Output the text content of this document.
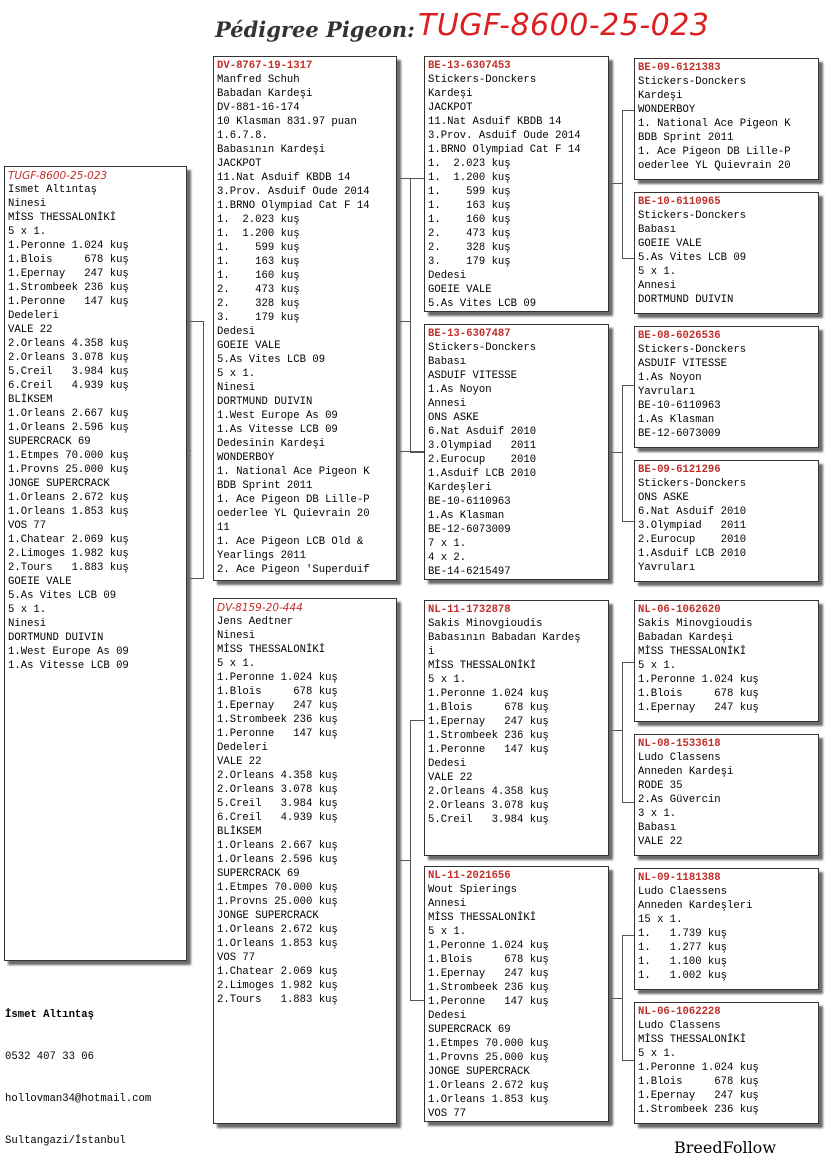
Pédigree Pigeon: TUGF-8600-25-023
TUGF-8600-25-023
Ismet Altıntaş
Ninesi
MİSS THESSALONİKİ
5 x 1.
1.Peronne 1.024 kuş
1.Blois     678 kuş
1.Epernay   247 kuş
1.Strombeek 236 kuş
1.Peronne   147 kuş
Dedeleri
VALE 22
2.Orleans 4.358 kuş
2.Orleans 3.078 kuş
5.Creil   3.984 kuş
6.Creil   4.939 kuş
BLİKSEM
1.Orleans 2.667 kuş
1.Orleans 2.596 kuş
SUPERCRACK 69
1.Etmpes 70.000 kuş
1.Provns 25.000 kuş
JONGE SUPERCRACK
1.Orleans 2.672 kuş
1.Orleans 1.853 kuş
VOS 77
1.Chatear 2.069 kuş
2.Limoges 1.982 kuş
2.Tours   1.883 kuş
GOEIE VALE
5.As Vites LCB 09
5 x 1.
Ninesi
DORTMUND DUIVIN
1.West Europe As 09
1.As Vitesse LCB 09
DV-8767-19-1317
Manfred Schuh
Babadan Kardeşi
DV-881-16-174
10 Klasman 831.97 puan
1.6.7.8.
Babasının Kardeşi
JACKPOT
11.Nat Asduif KBDB 14
3.Prov. Asduif Oude 2014
1.BRNO Olympiad Cat F 14
1.  2.023 kuş
1.  1.200 kuş
1.    599 kuş
1.    163 kuş
1.    160 kuş
2.    473 kuş
2.    328 kuş
3.    179 kuş
Dedesi
GOEIE VALE
5.As Vites LCB 09
5 x 1.
Ninesi
DORTMUND DUIVIN
1.West Europe As 09
1.As Vitesse LCB 09
Dedesinin Kardeşi
WONDERBOY
1. National Ace Pigeon K
BDB Sprint 2011
1. Ace Pigeon DB Lille-P
oederlee YL Quievrain 20
11
1. Ace Pigeon LCB Old &
Yearlings 2011
2. Ace Pigeon 'Superduif
DV-8159-20-444
Jens Aedtner
Ninesi
MİSS THESSALONİKİ
5 x 1.
1.Peronne 1.024 kuş
1.Blois     678 kuş
1.Epernay   247 kuş
1.Strombeek 236 kuş
1.Peronne   147 kuş
Dedeleri
VALE 22
2.Orleans 4.358 kuş
2.Orleans 3.078 kuş
5.Creil   3.984 kuş
6.Creil   4.939 kuş
BLİKSEM
1.Orleans 2.667 kuş
1.Orleans 2.596 kuş
SUPERCRACK 69
1.Etmpes 70.000 kuş
1.Provns 25.000 kuş
JONGE SUPERCRACK
1.Orleans 2.672 kuş
1.Orleans 1.853 kuş
VOS 77
1.Chatear 2.069 kuş
2.Limoges 1.982 kuş
2.Tours   1.883 kuş
BE-13-6307453
Stickers-Donckers
Kardeşi
JACKPOT
11.Nat Asduif KBDB 14
3.Prov. Asduif Oude 2014
1.BRNO Olympiad Cat F 14
1.  2.023 kuş
1.  1.200 kuş
1.    599 kuş
1.    163 kuş
1.    160 kuş
2.    473 kuş
2.    328 kuş
3.    179 kuş
Dedesi
GOEIE VALE
5.As Vites LCB 09
BE-13-6307487
Stickers-Donckers
Babası
ASDUIF VITESSE
1.As Noyon
Annesi
ONS ASKE
6.Nat Asduif 2010
3.Olympiad   2011
2.Eurocup    2010
1.Asduif LCB 2010
Kardeşleri
BE-10-6110963
1.As Klasman
BE-12-6073009
7 x 1.
4 x 2.
BE-14-6215497
NL-11-1732878
Sakis Minovgioudis
Babasının Babadan Kardeş
i
MİSS THESSALONİKİ
5 x 1.
1.Peronne 1.024 kuş
1.Blois     678 kuş
1.Epernay   247 kuş
1.Strombeek 236 kuş
1.Peronne   147 kuş
Dedesi
VALE 22
2.Orleans 4.358 kuş
2.Orleans 3.078 kuş
5.Creil   3.984 kuş
NL-11-2021656
Wout Spierings
Annesi
MİSS THESSALONİKİ
5 x 1.
1.Peronne 1.024 kuş
1.Blois     678 kuş
1.Epernay   247 kuş
1.Strombeek 236 kuş
1.Peronne   147 kuş
Dedesi
SUPERCRACK 69
1.Etmpes 70.000 kuş
1.Provns 25.000 kuş
JONGE SUPERCRACK
1.Orleans 2.672 kuş
1.Orleans 1.853 kuş
VOS 77
BE-09-6121383
Stickers-Donckers
Kardeşi
WONDERBOY
1. National Ace Pigeon K
BDB Sprint 2011
1. Ace Pigeon DB Lille-P
oederlee YL Quievrain 20
BE-10-6110965
Stickers-Donckers
Babası
GOEIE VALE
5.As Vites LCB 09
5 x 1.
Annesi
DORTMUND DUIVIN
BE-08-6026536
Stickers-Donckers
ASDUIF VITESSE
1.As Noyon
Yavruları
BE-10-6110963
1.As Klasman
BE-12-6073009
BE-09-6121296
Stickers-Donckers
ONS ASKE
6.Nat Asduif 2010
3.Olympiad   2011
2.Eurocup    2010
1.Asduif LCB 2010
Yavruları
NL-06-1062620
Sakis Minovgioudis
Babadan Kardeşi
MİSS THESSALONİKİ
5 x 1.
1.Peronne 1.024 kuş
1.Blois     678 kuş
1.Epernay   247 kuş
NL-08-1533618
Ludo Classens
Anneden Kardeşi
RODE 35
2.As Güvercin
3 x 1.
Babası
VALE 22
NL-09-1181388
Ludo Claessens
Anneden Kardeşleri
15 x 1.
1.   1.739 kuş
1.   1.277 kuş
1.   1.100 kuş
1.   1.002 kuş
NL-06-1062228
Ludo Classens
MİSS THESSALONİKİ
5 x 1.
1.Peronne 1.024 kuş
1.Blois     678 kuş
1.Epernay   247 kuş
1.Strombeek 236 kuş

İsmet Altıntaş

0532 407 33 06

hollovman34@hotmail.com

Sultangazi/İstanbul	BreedFollow
